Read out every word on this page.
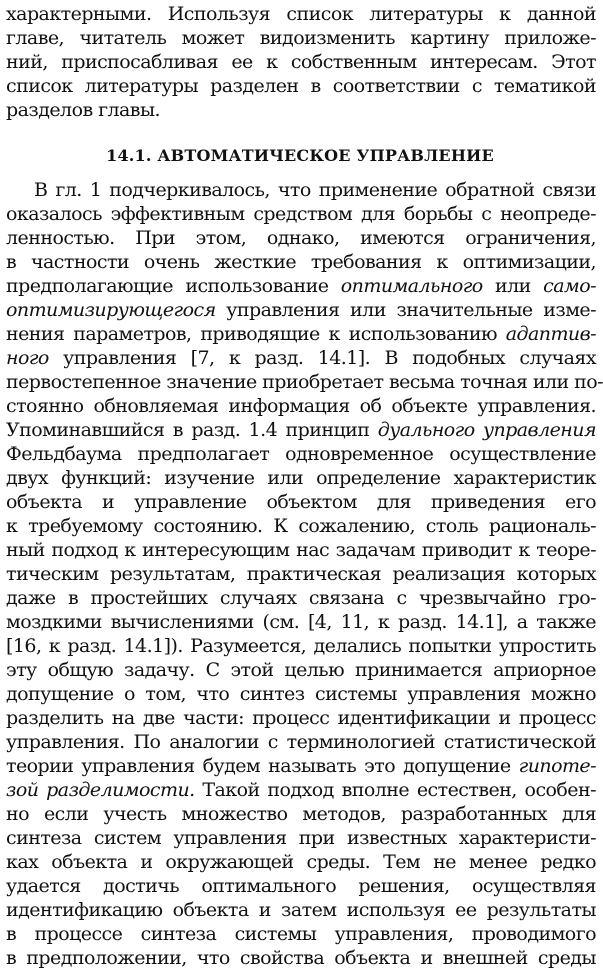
характерными. Используя список литературы к данной
главе, читатель может видоизменить картину приложе-
ний, приспосабливая ее к собственным интересам. Этот
список литературы разделен в соответствии с тематикой
разделов главы.
14.1. АВТОМАТИЧЕСКОЕ УПРАВЛЕНИЕ
В гл. 1 подчеркивалось, что применение обратной связи
оказалось эффективным средством для борьбы с неопреде-
ленностью. При этом, однако, имеются ограничения,
в частности очень жесткие требования к оптимизации,
предполагающие использование оптимального или само-
оптимизирующегося управления или значительные изме-
нения параметров, приводящие к использованию адаптив-
ного управления [7, к разд. 14.1]. В подобных случаях
первостепенное значение приобретает весьма точная или по-
стоянно обновляемая информация об объекте управления.
Упоминавшийся в разд. 1.4 принцип дуального управления
Фельдбаума предполагает одновременное осуществление
двух функций: изучение или определение характеристик
объекта и управление объектом для приведения его
к требуемому состоянию. К сожалению, столь рациональ-
ный подход к интересующим нас задачам приводит к теоре-
тическим результатам, практическая реализация которых
даже в простейших случаях связана с чрезвычайно гро-
моздкими вычислениями (см. [4, 11, к разд. 14.1], а также
[16, к разд. 14.1]). Разумеется, делались попытки упростить
эту общую задачу. С этой целью принимается априорное
допущение о том, что синтез системы управления можно
разделить на две части: процесс идентификации и процесс
управления. По аналогии с терминологией статистической
теории управления будем называть это допущение гипоте-
зой разделимости. Такой подход вполне естествен, особен-
но если учесть множество методов, разработанных для
синтеза систем управления при известных характеристи-
ках объекта и окружающей среды. Тем не менее редко
удается достичь оптимального решения, осуществляя
идентификацию объекта и затем используя ее результаты
в процессе синтеза системы управления, проводимого
в предположении, что свойства объекта и внешней среды
